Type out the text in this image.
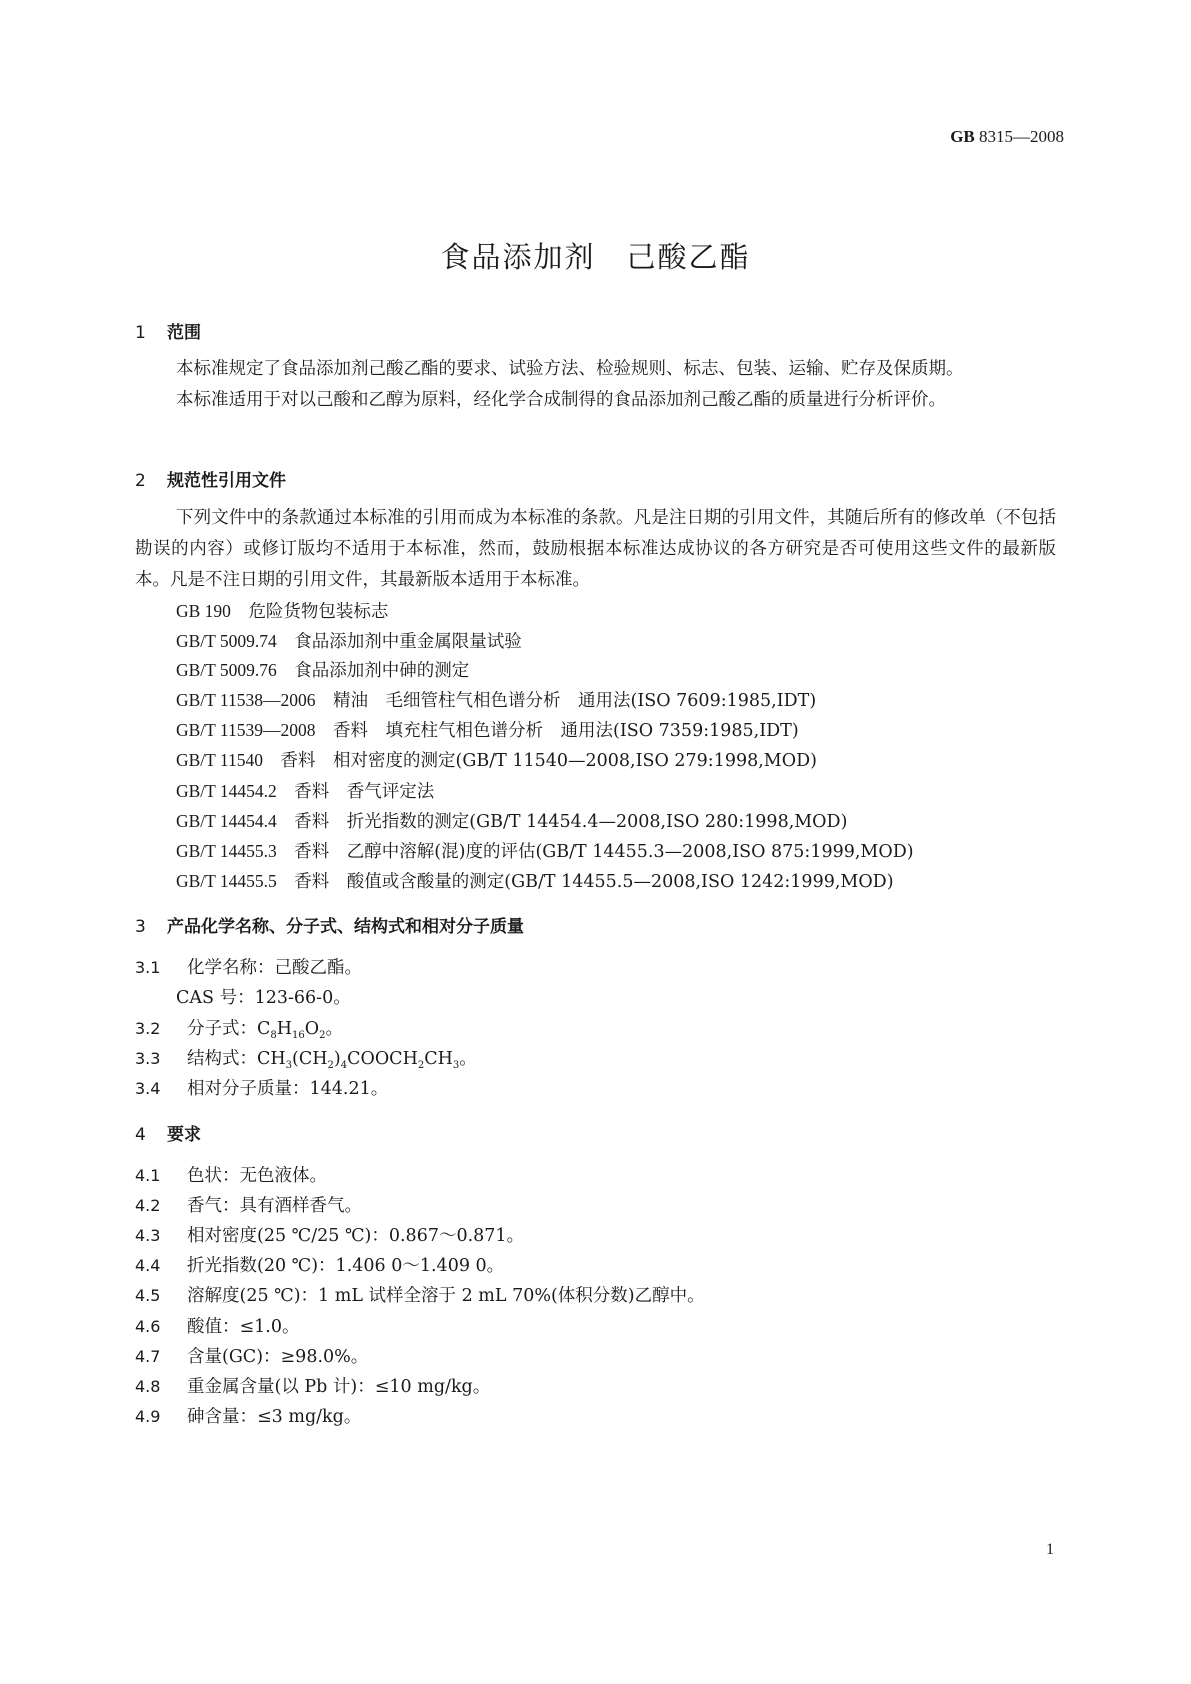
GB 8315—2008
食品添加剂　己酸乙酯
1 范围

本标准规定了食品添加剂己酸乙酯的要求、试验方法、检验规则、标志、包装、运输、贮存及保质期。

本标准适用于对以己酸和乙醇为原料，经化学合成制得的食品添加剂己酸乙酯的质量进行分析评价。

2 规范性引用文件

下列文件中的条款通过本标准的引用而成为本标准的条款。凡是注日期的引用文件，其随后所有的修改单（不包括勘误的内容）或修订版均不适用于本标准，然而，鼓励根据本标准达成协议的各方研究是否可使用这些文件的最新版本。凡是不注日期的引用文件，其最新版本适用于本标准。

GB 190　 危险货物包装标志
GB/T 5009.74　 食品添加剂中重金属限量试验
GB/T 5009.76　 食品添加剂中砷的测定
GB/T 11538—2006　 精油　毛细管柱气相色谱分析　通用法(ISO 7609:1985,IDT)
GB/T 11539—2008　 香料　填充柱气相色谱分析　通用法(ISO 7359:1985,IDT)
GB/T 11540　 香料　相对密度的测定(GB/T 11540—2008,ISO 279:1998,MOD)
GB/T 14454.2　 香料　香气评定法
GB/T 14454.4　 香料　折光指数的测定(GB/T 14454.4—2008,ISO 280:1998,MOD)
GB/T 14455.3　 香料　乙醇中溶解(混)度的评估(GB/T 14455.3—2008,ISO 875:1999,MOD)
GB/T 14455.5　 香料　酸值或含酸量的测定(GB/T 14455.5—2008,ISO 1242:1999,MOD)
3 产品化学名称、分子式、结构式和相对分子质量
3.1 化学名称：己酸乙酯。
CAS 号：123-66-0。
3.2 分子式：$C_8H_{16}O_2$。
3.3 结构式：$CH_3(CH_2)_4COOCH_2CH_3$。
3.4 相对分子质量：144.21。
4 要求
4.1 色状：无色液体。
4.2 香气：具有酒样香气。
4.3 相对密度(25 ℃/25 ℃)：0.867～0.871。
4.4 折光指数(20 ℃)：1.406 0～1.409 0。
4.5 溶解度(25 ℃)：1 mL 试样全溶于 2 mL 70%(体积分数)乙醇中。
4.6 酸值：≤1.0。
4.7 含量(GC)：≥98.0%。
4.8 重金属含量(以 Pb 计)：≤10 mg/kg。
4.9 砷含量：≤3 mg/kg。
1
